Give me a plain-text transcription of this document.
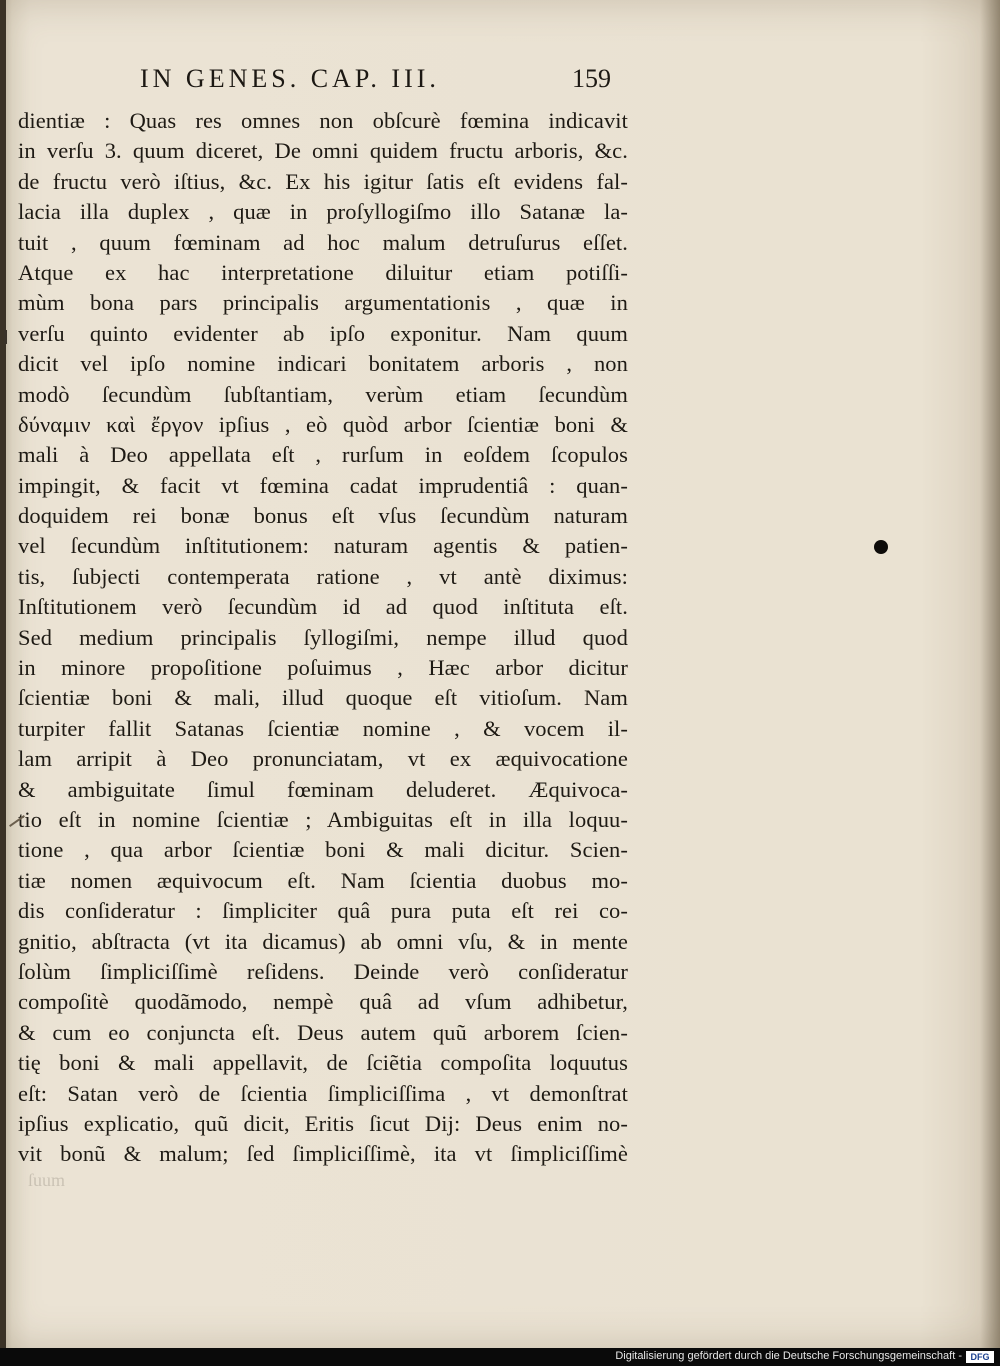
IN GENES. CAP. III.	159
dientiæ : Quas res omnes non obſcurè fœmina indicavit
in verſu 3. quum diceret, De omni quidem fructu arboris, &c.
de fructu verò iſtius, &c. Ex his igitur ſatis eſt evidens fal-
lacia illa duplex , quæ in proſyllogiſmo illo Satanæ la-
tuit , quum fœminam ad hoc malum detruſurus eſſet.
Atque ex hac interpretatione diluitur etiam potiſſi-
mùm bona pars principalis argumentationis , quæ in
verſu quinto evidenter ab ipſo exponitur. Nam quum
dicit vel ipſo nomine indicari bonitatem arboris , non
modò ſecundùm ſubſtantiam, verùm etiam ſecundùm
δύναμιν καὶ ἔργον ipſius , eò quòd arbor ſcientiæ boni &
mali à Deo appellata eſt , rurſum in eoſdem ſcopulos
impingit, & facit vt fœmina cadat imprudentiâ : quan-
doquidem rei bonæ bonus eſt vſus ſecundùm naturam
vel ſecundùm inſtitutionem: naturam agentis & patien-
tis, ſubjecti contemperata ratione , vt antè diximus:
Inſtitutionem verò ſecundùm id ad quod inſtituta eſt.
Sed medium principalis ſyllogiſmi, nempe illud quod
in minore propoſitione poſuimus , Hæc arbor dicitur
ſcientiæ boni & mali, illud quoque eſt vitioſum. Nam
turpiter fallit Satanas ſcientiæ nomine , & vocem il-
lam arripit à Deo pronunciatam, vt ex æquivocatione
& ambiguitate ſimul fœminam deluderet. Æquivoca-
tio eſt in nomine ſcientiæ ; Ambiguitas eſt in illa loquu-
tione , qua arbor ſcientiæ boni & mali dicitur. Scien-
tiæ nomen æquivocum eſt. Nam ſcientia duobus mo-
dis conſideratur : ſimpliciter quâ pura puta eſt rei co-
gnitio, abſtracta (vt ita dicamus) ab omni vſu, & in mente
ſolùm ſimpliciſſimè reſidens. Deinde verò conſideratur
compoſitè quodãmodo, nempè quâ ad vſum adhibetur,
& cum eo conjuncta eſt. Deus autem quũ arborem ſcien-
tię boni & mali appellavit, de ſciẽtia compoſita loquutus
eſt: Satan verò de ſcientia ſimpliciſſima , vt demonſtrat
ipſius explicatio, quũ dicit, Eritis ſicut Dij: Deus enim no-
vit bonũ & malum; ſed ſimpliciſſimè, ita vt ſimpliciſſimè
ſuum
Digitalisierung gefördert durch die Deutsche Forschungsgemeinschaft - DFG
